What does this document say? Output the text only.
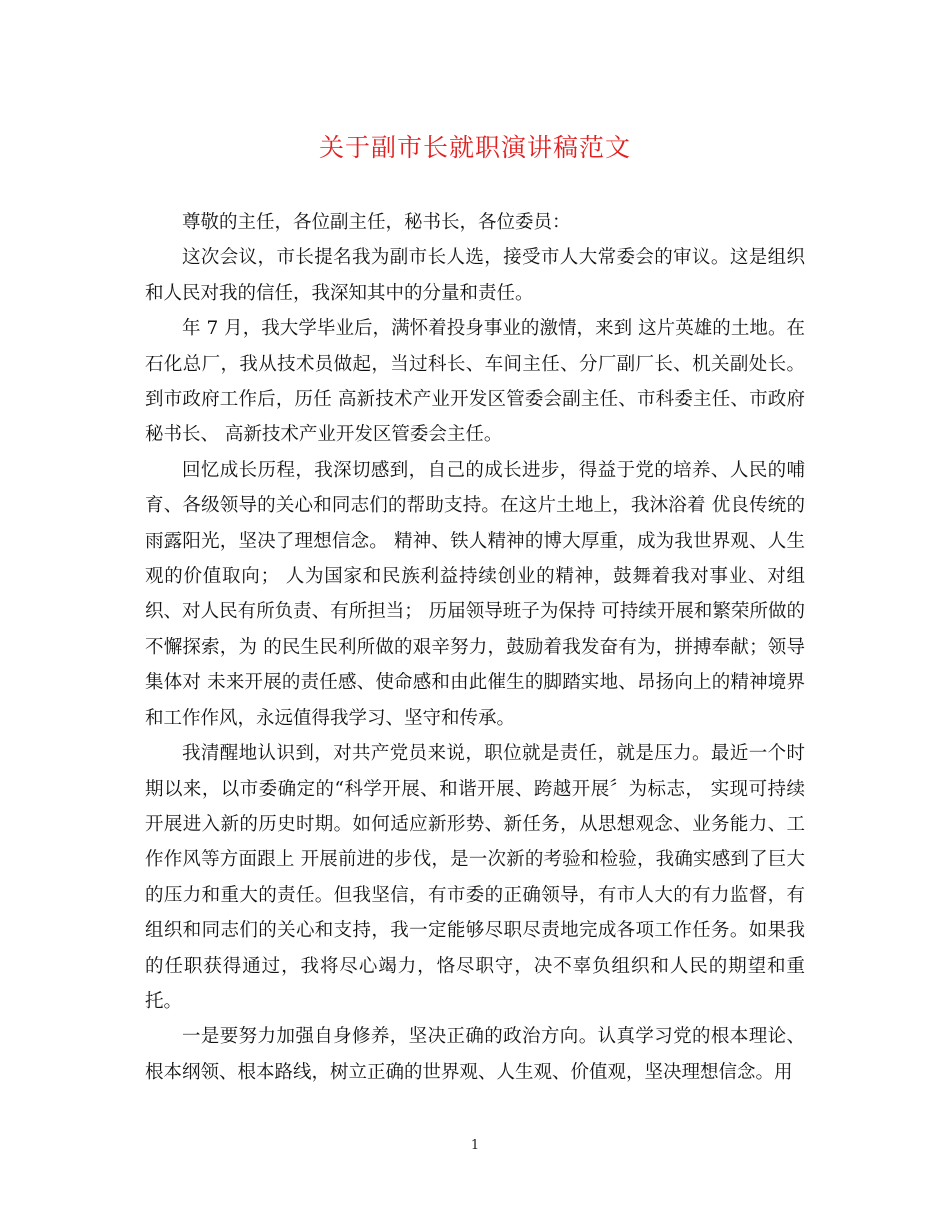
关于副市长就职演讲稿范文

尊敬的主任，各位副主任，秘书长，各位委员：

这次会议，市长提名我为副市长人选，接受市人大常委会的审议。这是组织和人民对我的信任，我深知其中的分量和责任。

年 7 月，我大学毕业后，满怀着投身事业的激情，来到 这片英雄的土地。在石化总厂，我从技术员做起，当过科长、车间主任、分厂副厂长、机关副处长。到市政府工作后，历任 高新技术产业开发区管委会副主任、市科委主任、市政府秘书长、 高新技术产业开发区管委会主任。

回忆成长历程，我深切感到，自己的成长进步，得益于党的培养、人民的哺育、各级领导的关心和同志们的帮助支持。在这片土地上，我沐浴着 优良传统的雨露阳光，坚决了理想信念。 精神、铁人精神的博大厚重，成为我世界观、人生观的价值取向； 人为国家和民族利益持续创业的精神，鼓舞着我对事业、对组织、对人民有所负责、有所担当； 历届领导班子为保持 可持续开展和繁荣所做的不懈探索，为 的民生民利所做的艰辛努力，鼓励着我发奋有为，拼搏奉献；领导集体对 未来开展的责任感、使命感和由此催生的脚踏实地、昂扬向上的精神境界和工作作风，永远值得我学习、坚守和传承。

我清醒地认识到，对共产党员来说，职位就是责任，就是压力。最近一个时期以来，以市委确定的“科学开展、和谐开展、跨越开展〞为标志， 实现可持续开展进入新的历史时期。如何适应新形势、新任务，从思想观念、业务能力、工作作风等方面跟上 开展前进的步伐，是一次新的考验和检验，我确实感到了巨大的压力和重大的责任。但我坚信，有市委的正确领导，有市人大的有力监督，有组织和同志们的关心和支持，我一定能够尽职尽责地完成各项工作任务。如果我的任职获得通过，我将尽心竭力，恪尽职守，决不辜负组织和人民的期望和重托。

一是要努力加强自身修养，坚决正确的政治方向。认真学习党的根本理论、根本纲领、根本路线，树立正确的世界观、人生观、价值观，坚决理想信念。用

1
